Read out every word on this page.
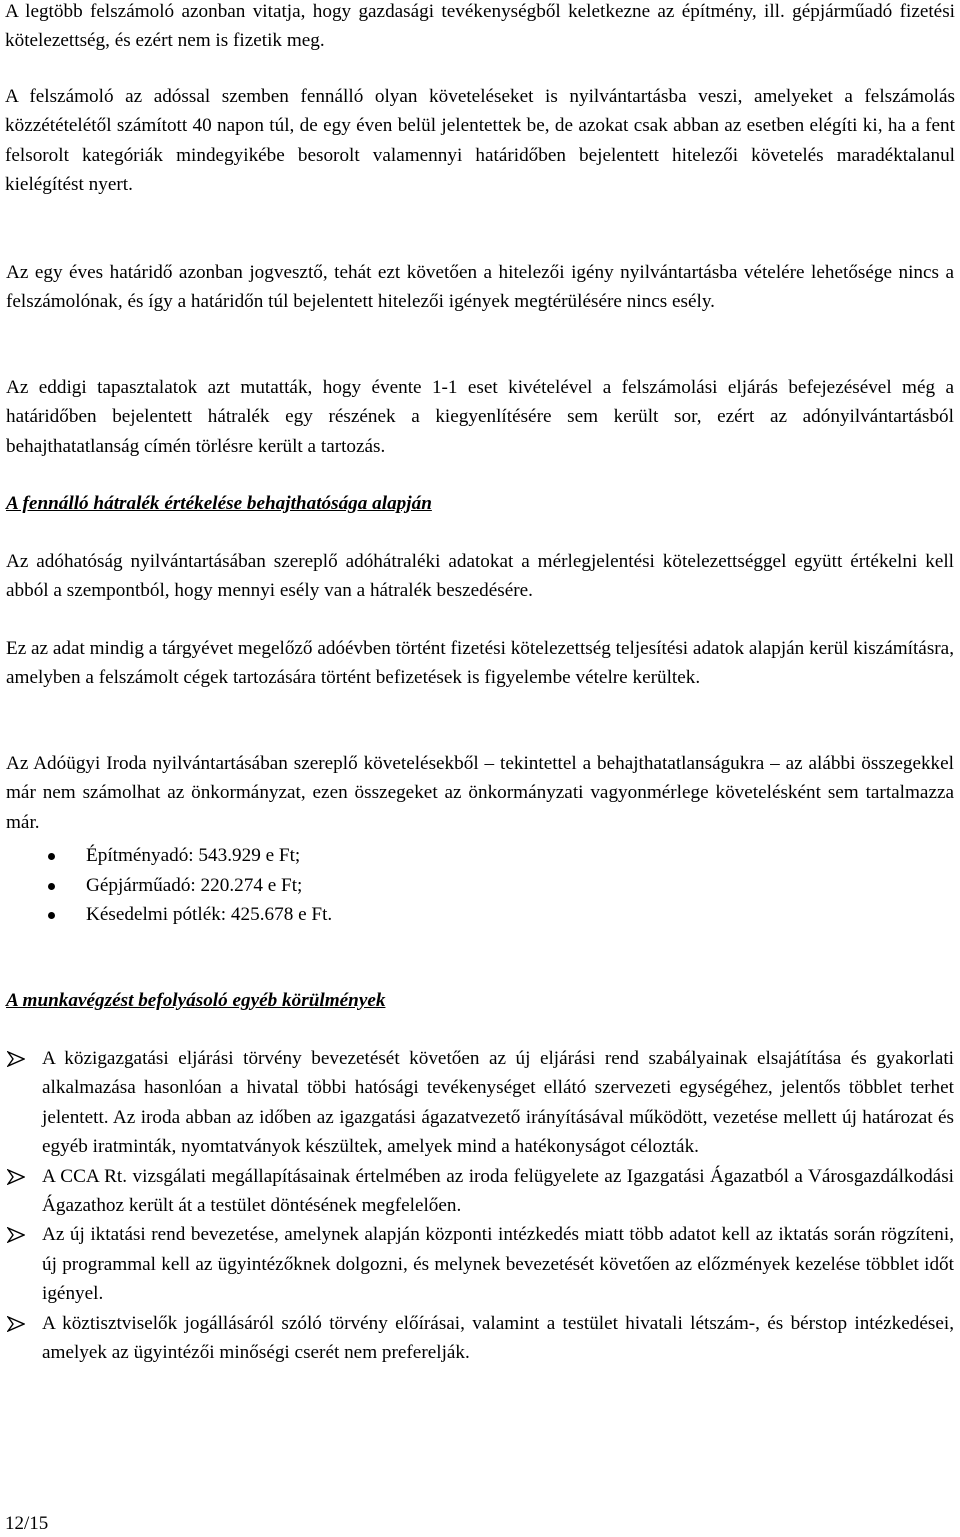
A legtöbb felszámoló azonban vitatja, hogy gazdasági tevékenységből keletkezne az építmény, ill. gépjárműadó fizetési kötelezettség, és ezért nem is fizetik meg.

A felszámoló az adóssal szemben fennálló olyan követeléseket is nyilvántartásba veszi, amelyeket a felszámolás közzétételétől számított 40 napon túl, de egy éven belül jelentettek be, de azokat csak abban az esetben elégíti ki, ha a fent felsorolt kategóriák mindegyikébe besorolt valamennyi határidőben bejelentett hitelezői követelés maradéktalanul kielégítést nyert.

Az egy éves határidő azonban jogvesztő, tehát ezt követően a hitelezői igény nyilvántartásba vételére lehetősége nincs a felszámolónak, és így a határidőn túl bejelentett hitelezői igények megtérülésére nincs esély.

Az eddigi tapasztalatok azt mutatták, hogy évente 1-1 eset kivételével a felszámolási eljárás befejezésével még a határidőben bejelentett hátralék egy részének a kiegyenlítésére sem került sor, ezért az adónyilvántartásból behajthatatlanság címén törlésre került a tartozás.

A fennálló hátralék értékelése behajthatósága alapján

Az adóhatóság nyilvántartásában szereplő adóhátraléki adatokat a mérlegjelentési kötelezettséggel együtt értékelni kell abból a szempontból, hogy mennyi esély van a hátralék beszedésére.

Ez az adat mindig a tárgyévet megelőző adóévben történt fizetési kötelezettség teljesítési adatok alapján kerül kiszámításra, amelyben a felszámolt cégek tartozására történt befizetések is figyelembe vételre kerültek.

Az Adóügyi Iroda nyilvántartásában szereplő követelésekből – tekintettel a behajthatatlanságukra – az alábbi összegekkel már nem számolhat az önkormányzat, ezen összegeket az önkormányzati vagyonmérlege követelésként sem tartalmazza már.

Építményadó: 543.929 e Ft;
Gépjárműadó: 220.274 e Ft;
Késedelmi pótlék: 425.678 e Ft.

A munkavégzést befolyásoló egyéb körülmények

A közigazgatási eljárási törvény bevezetését követően az új eljárási rend szabályainak elsajátítása és gyakorlati alkalmazása hasonlóan a hivatal többi hatósági tevékenységet ellátó szervezeti egységéhez, jelentős többlet terhet jelentett. Az iroda abban az időben az igazgatási ágazatvezető irányításával működött, vezetése mellett új határozat és egyéb iratminták, nyomtatványok készültek, amelyek mind a hatékonyságot célozták.
A CCA Rt. vizsgálati megállapításainak értelmében az iroda felügyelete az Igazgatási Ágazatból a Városgazdálkodási Ágazathoz került át a testület döntésének megfelelően.
Az új iktatási rend bevezetése, amelynek alapján központi intézkedés miatt több adatot kell az iktatás során rögzíteni, új programmal kell az ügyintézőknek dolgozni, és melynek bevezetését követően az előzmények kezelése többlet időt igényel.
A köztisztviselők jogállásáról szóló törvény előírásai, valamint a testület hivatali létszám-, és bérstop intézkedései, amelyek az ügyintézői minőségi cserét nem preferelják.
12/15
